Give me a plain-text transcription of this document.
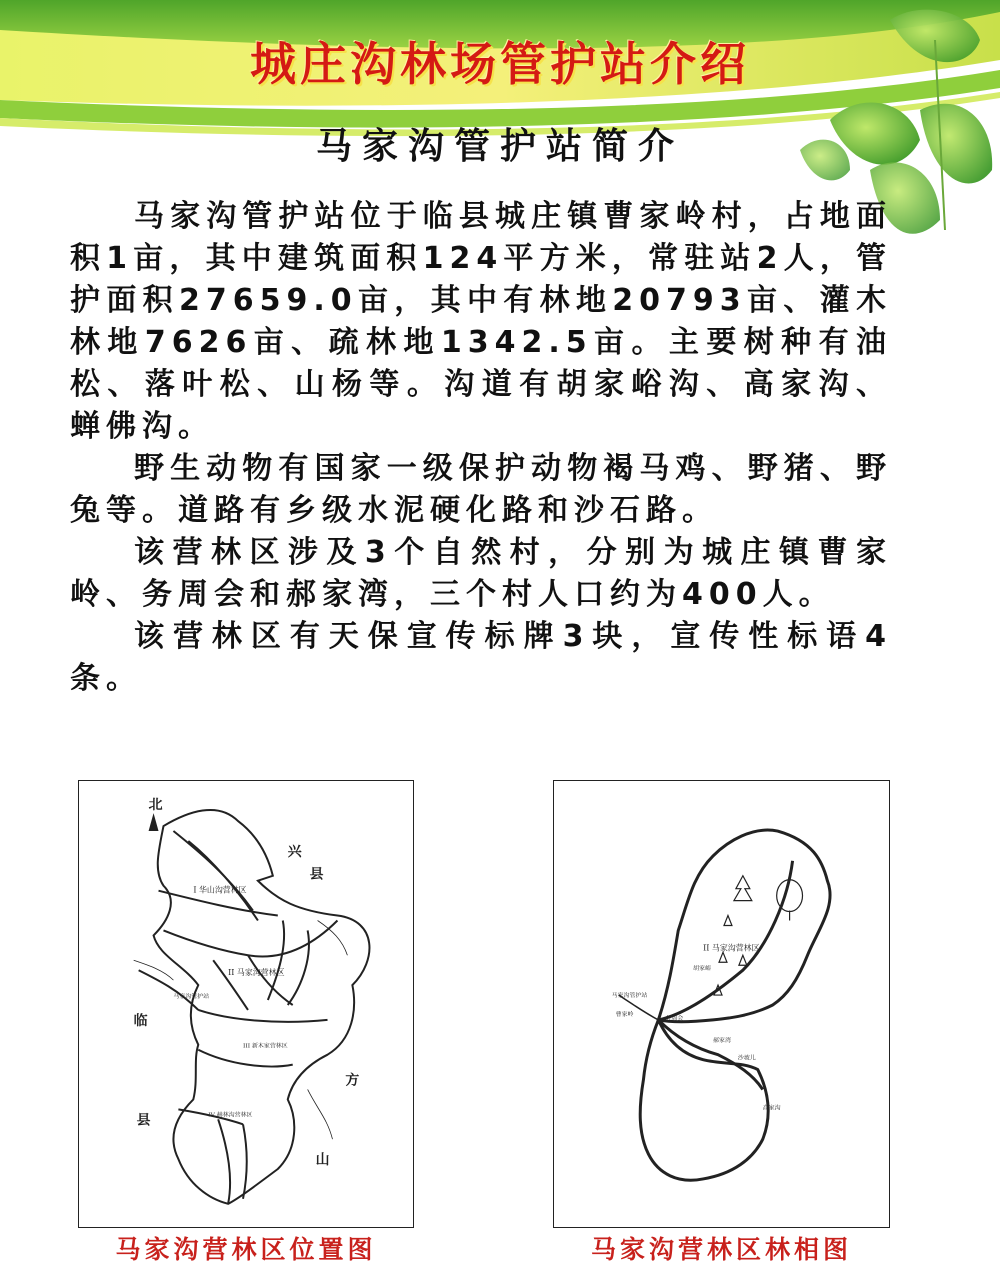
城庄沟林场管护站介绍
马家沟管护站简介

马家沟管护站位于临县城庄镇曹家岭村，占地面积1亩，其中建筑面积124平方米，常驻站2人，管护面积27659.0亩，其中有林地20793亩、灌木林地7626亩、疏林地1342.5亩。主要树种有油松、落叶松、山杨等。沟道有胡家峪沟、高家沟、蝉佛沟。

野生动物有国家一级保护动物褐马鸡、野猪、野兔等。道路有乡级水泥硬化路和沙石路。

该营林区涉及3个自然村，分别为城庄镇曹家岭、务周会和郝家湾，三个村人口约为400人。

该营林区有天保宣传标牌3块，宣传性标语4条。

北
兴
县
临
县
方
山
I 华山沟营林区
II 马家沟营林区
III 新木家营林区
IV 赫林沟营林区
马家沟管护站
II 马家沟营林区
马家沟管护站
曹家岭
务周会
胡家峪
郝家湾
沙坡儿
高家沟
马家沟营林区位置图	马家沟营林区林相图
